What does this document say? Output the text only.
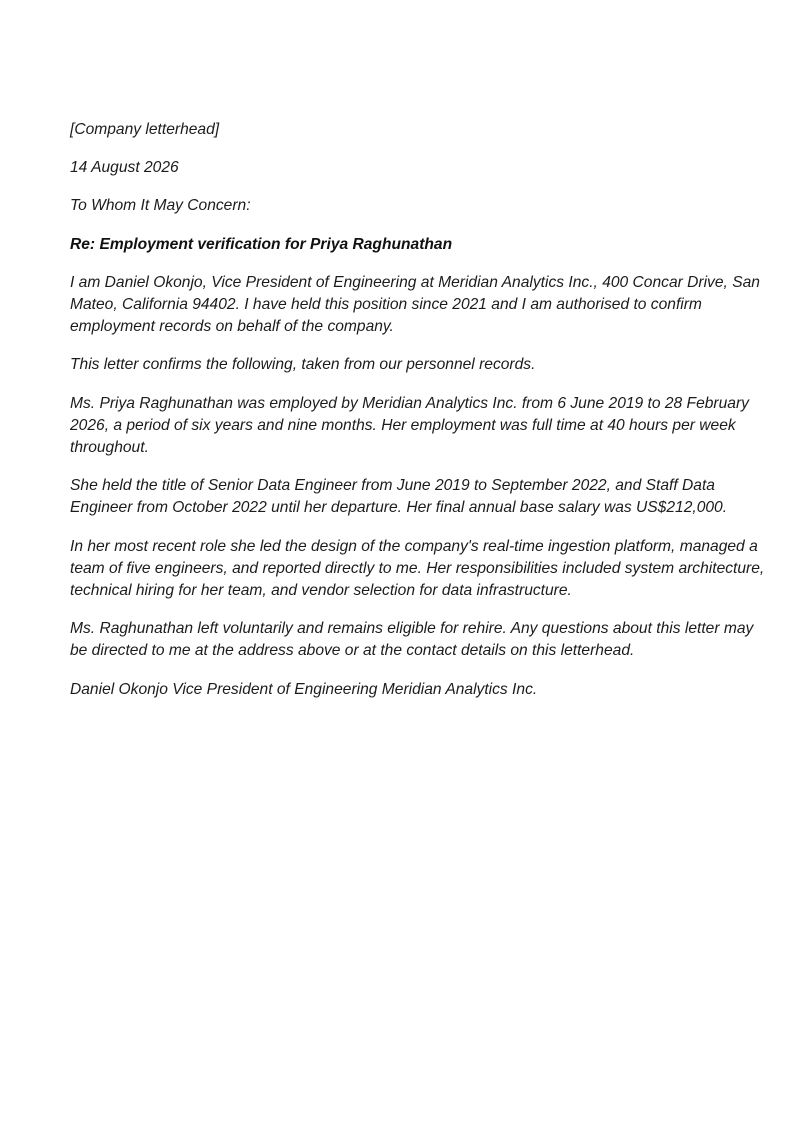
[Company letterhead]

14 August 2026

To Whom It May Concern:

Re: Employment verification for Priya Raghunathan

I am Daniel Okonjo, Vice President of Engineering at Meridian Analytics Inc., 400 Concar Drive, San Mateo, California 94402. I have held this position since 2021 and I am authorised to confirm employment records on behalf of the company.

This letter confirms the following, taken from our personnel records.

Ms. Priya Raghunathan was employed by Meridian Analytics Inc. from 6 June 2019 to 28 February 2026, a period of six years and nine months. Her employment was full time at 40 hours per week throughout.

She held the title of Senior Data Engineer from June 2019 to September 2022, and Staff Data Engineer from October 2022 until her departure. Her final annual base salary was US$212,000.

In her most recent role she led the design of the company's real-time ingestion platform, managed a team of five engineers, and reported directly to me. Her responsibilities included system architecture, technical hiring for her team, and vendor selection for data infrastructure.

Ms. Raghunathan left voluntarily and remains eligible for rehire. Any questions about this letter may be directed to me at the address above or at the contact details on this letterhead.

Daniel Okonjo Vice President of Engineering Meridian Analytics Inc.
